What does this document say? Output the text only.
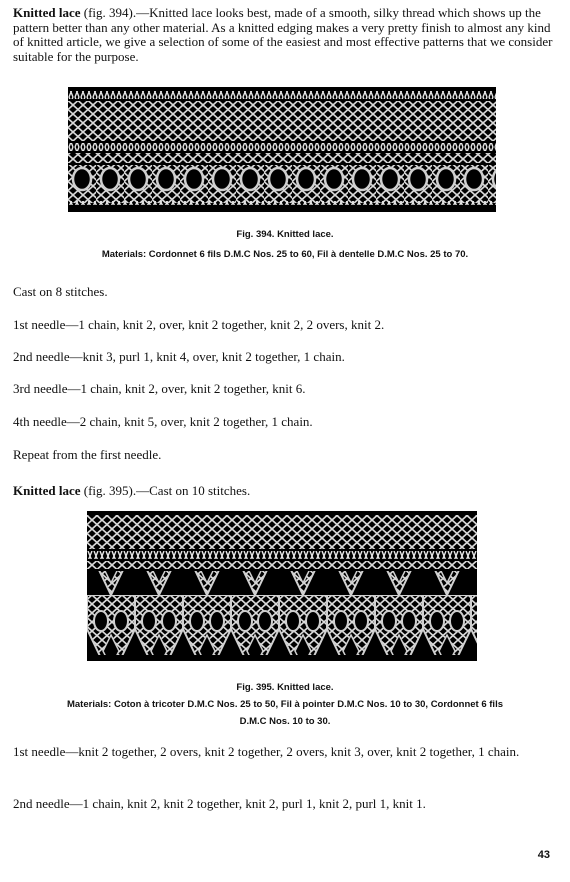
Knitted lace (fig. 394).—Knitted lace looks best, made of a smooth, silky thread which shows up the pattern better than any other material. As a knitted edging makes a very pretty finish to almost any kind of knitted article, we give a selection of some of the easiest and most effective patterns that we consider suitable for the purpose.
Fig. 394. Knitted lace.
Materials: Cordonnet 6 fils D.M.C Nos. 25 to 60, Fil à dentelle D.M.C Nos. 25 to 70.
Cast on 8 stitches.
1st needle—1 chain, knit 2, over, knit 2 together, knit 2, 2 overs, knit 2.
2nd needle—knit 3, purl 1, knit 4, over, knit 2 together, 1 chain.
3rd needle—1 chain, knit 2, over, knit 2 together, knit 6.
4th needle—2 chain, knit 5, over, knit 2 together, 1 chain.
Repeat from the first needle.
Knitted lace (fig. 395).—Cast on 10 stitches.
Fig. 395. Knitted lace.
Materials: Coton à tricoter D.M.C Nos. 25 to 50, Fil à pointer D.M.C Nos. 10 to 30, Cordonnet 6 fils
D.M.C Nos. 10 to 30.
1st needle—knit 2 together, 2 overs, knit 2 together, 2 overs, knit 3, over, knit 2 together, 1 chain.
2nd needle—1 chain, knit 2, knit 2 together, knit 2, purl 1, knit 2, purl 1, knit 1.
43
